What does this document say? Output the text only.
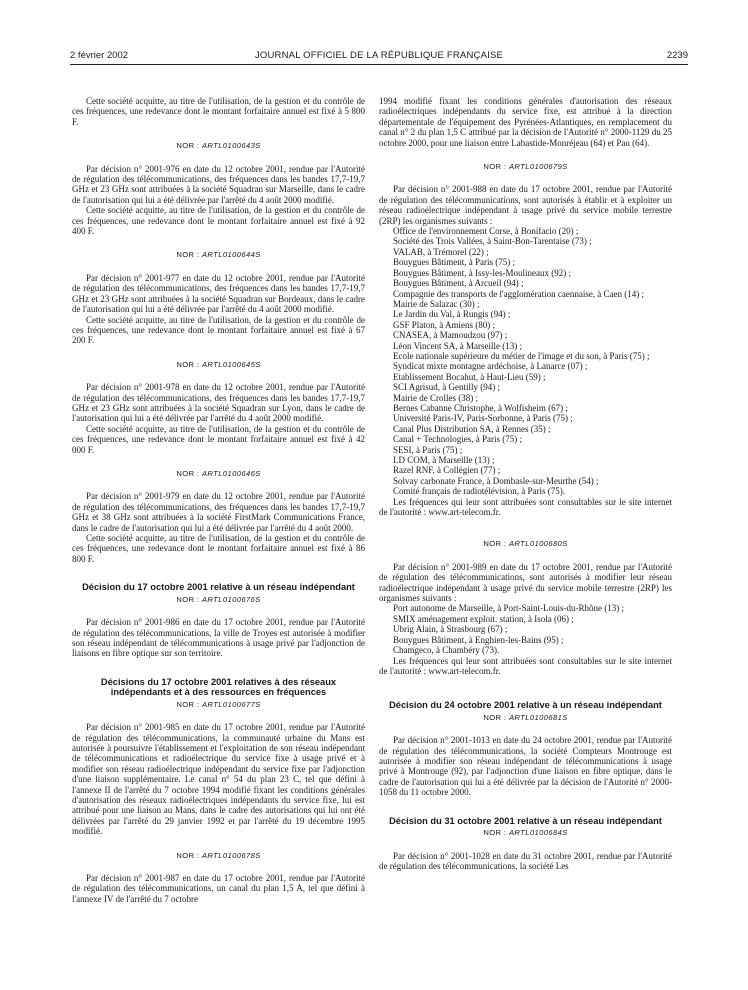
2 février 2002	JOURNAL OFFICIEL DE LA RÉPUBLIQUE FRANÇAISE	2239

Cette société acquitte, au titre de l'utilisation, de la gestion et du contrôle de ces fréquences, une redevance dont le montant forfaitaire annuel est fixé à 5 800 F.

NOR : ARTL0100643S

Par décision n° 2001-976 en date du 12 octobre 2001, rendue par l'Autorité de régulation des télécommunications, des fréquences dans les bandes 17,7-19,7 GHz et 23 GHz sont attribuées à la société Squadran sur Marseille, dans le cadre de l'autorisation qui lui a été délivrée par l'arrêté du 4 août 2000 modifié.

Cette société acquitte, au titre de l'utilisation, de la gestion et du contrôle de ces fréquences, une redevance dont le montant forfaitaire annuel est fixé à 92 400 F.

NOR : ARTL0100644S

Par décision n° 2001-977 en date du 12 octobre 2001, rendue par l'Autorité de régulation des télécommunications, des fréquences dans les bandes 17,7-19,7 GHz et 23 GHz sont attribuées à la société Squadran sur Bordeaux, dans le cadre de l'autorisation qui lui a été délivrée par l'arrêté du 4 août 2000 modifié.

Cette société acquitte, au titre de l'utilisation, de la gestion et du contrôle de ces fréquences, une redevance dont le montant forfaitaire annuel est fixé à 67 200 F.

NOR : ARTL0100645S

Par décision n° 2001-978 en date du 12 octobre 2001, rendue par l'Autorité de régulation des télécommunications, des fréquences dans les bandes 17,7-19,7 GHz et 23 GHz sont attribuées à la société Squadran sur Lyon, dans le cadre de l'autorisation qui lui a été délivrée par l'arrêté du 4 août 2000 modifié.

Cette société acquitte, au titre de l'utilisation, de la gestion et du contrôle de ces fréquences, une redevance dont le montant forfaitaire annuel est fixé à 42 000 F.

NOR : ARTL0100646S

Par décision n° 2001-979 en date du 12 octobre 2001, rendue par l'Autorité de régulation des télécommunications, des fréquences dans les bandes 17,7-19,7 GHz et 38 GHz sont attribuées à la société FirstMark Communications France, dans le cadre de l'autorisation qui lui a été délivrée par l'arrêté du 4 août 2000.

Cette société acquitte, au titre de l'utilisation, de la gestion et du contrôle de ces fréquences, une redevance dont le montant forfaitaire annuel est fixé à 86 800 F.

Décision du 17 octobre 2001 relative à un réseau indépendant
NOR : ARTL0100676S

Par décision n° 2001-986 en date du 17 octobre 2001, rendue par l'Autorité de régulation des télécommunications, la ville de Troyes est autorisée à modifier son réseau indépendant de télécommunications à usage privé par l'adjonction de liaisons en fibre optique sur son territoire.

Décisions du 17 octobre 2001 relatives à des réseaux indépendants et à des ressources en fréquences
NOR : ARTL0100677S

Par décision n° 2001-985 en date du 17 octobre 2001, rendue par l'Autorité de régulation des télécommunications, la communauté urbaine du Mans est autorisée à poursuivre l'établissement et l'exploitation de son réseau indépendant de télécommunications et radioélectrique du service fixe à usage privé et à modifier son réseau radioélectrique indépendant du service fixe par l'adjonction d'une liaison supplémentaire. Le canal n° 54 du plan 23 C, tel que défini à l'annexe II de l'arrêté du 7 octobre 1994 modifié fixant les conditions générales d'autorisation des réseaux radioélectriques indépendants du service fixe, lui est attribué pour une liaison au Mans, dans le cadre des autorisations qui lui ont été délivrées par l'arrêté du 29 janvier 1992 et par l'arrêté du 19 décembre 1995 modifié.

NOR : ARTL0100678S

Par décision n° 2001-987 en date du 17 octobre 2001, rendue par l'Autorité de régulation des télécommunications, un canal du plan 1,5 A, tel que défini à l'annexe IV de l'arrêté du 7 octobre

1994 modifié fixant les conditions générales d'autorisation des réseaux radioélectriques indépendants du service fixe, est attribué à la direction départementale de l'équipement des Pyrénées-Atlantiques, en remplacement du canal n° 2 du plan 1,5 C attribué par la décision de l'Autorité n° 2000-1129 du 25 octobre 2000, pour une liaison entre Labastide-Monréjeau (64) et Pau (64).

NOR : ARTL0100679S

Par décision n° 2001-988 en date du 17 octobre 2001, rendue par l'Autorité de régulation des télécommunications, sont autorisés à établir et à exploiter un réseau radioélectrique indépendant à usage privé du service mobile terrestre (2RP) les organismes suivants :

Office de l'environnement Corse, à Bonifacio (20) ;
Société des Trois Vallées, à Saint-Bon-Tarentaise (73) ;
VALAB, à Trémorel (22) ;
Bouygues Bâtiment, à Paris (75) ;
Bouygues Bâtiment, à Issy-les-Moulineaux (92) ;
Bouygues Bâtiment, à Arcueil (94) ;
Compagnie des transports de l'agglomération caennaise, à Caen (14) ;
Mairie de Salazac (30) ;
Le Jardin du Val, à Rungis (94) ;
GSF Platon, à Amiens (80) ;
CNASEA, à Mamoudzou (97) ;
Léon Vincent SA, à Marseille (13) ;
Ecole nationale supérieure du métier de l'image et du son, à Paris (75) ;
Syndicat mixte montagne ardéchoise, à Lanarce (07) ;
Etablissement Bocahut, à Haut-Lieu (59) ;
SCI Agrisud, à Gentilly (94) ;
Mairie de Crolles (38) ;
Bernes Cabanne Christophe, à Wolfisheim (67) ;
Université Paris-IV, Paris-Sorbonne, à Paris (75) ;
Canal Plus Distribution SA, à Rennes (35) ;
Canal + Technologies, à Paris (75) ;
SESI, à Paris (75) ;
LD COM, à Marseille (13) ;
Razel RNF, à Collégien (77) ;
Solvay carbonate France, à Dombasle-sur-Meurthe (54) ;
Comité français de radiotélévision, à Paris (75).

Les fréquences qui leur sont attribuées sont consultables sur le site internet de l'autorité : www.art-telecom.fr.

NOR : ARTL0100680S

Par décision n° 2001-989 en date du 17 octobre 2001, rendue par l'Autorité de régulation des télécommunications, sont autorisés à modifier leur réseau radioélectrique indépendant à usage privé du service mobile terrestre (2RP) les organismes suivants :

Port autonome de Marseille, à Port-Saint-Louis-du-Rhône (13) ;
SMIX aménagement exploit. station, à Isola (06) ;
Ubrig Alain, à Strasbourg (67) ;
Bouygues Bâtiment, à Enghien-les-Bains (95) ;
Chamgeco, à Chambéry (73).

Les fréquences qui leur sont attribuées sont consultables sur le site internet de l'autorité : www.art-telecom.fr.

Décision du 24 octobre 2001 relative à un réseau indépendant
NOR : ARTL0100681S

Par décision n° 2001-1013 en date du 24 octobre 2001, rendue par l'Autorité de régulation des télécommunications, la société Compteurs Montrouge est autorisée à modifier son réseau indépendant de télécommunications à usage privé à Montrouge (92), par l'adjonction d'une liaison en fibre optique, dans le cadre de l'autorisation qui lui a été délivrée par la décision de l'Autorité n° 2000-1058 du 11 octobre 2000.

Décision du 31 octobre 2001 relative à un réseau indépendant
NOR : ARTL0100684S

Par décision n° 2001-1028 en date du 31 octobre 2001, rendue par l'Autorité de régulation des télécommunications, la société Les
